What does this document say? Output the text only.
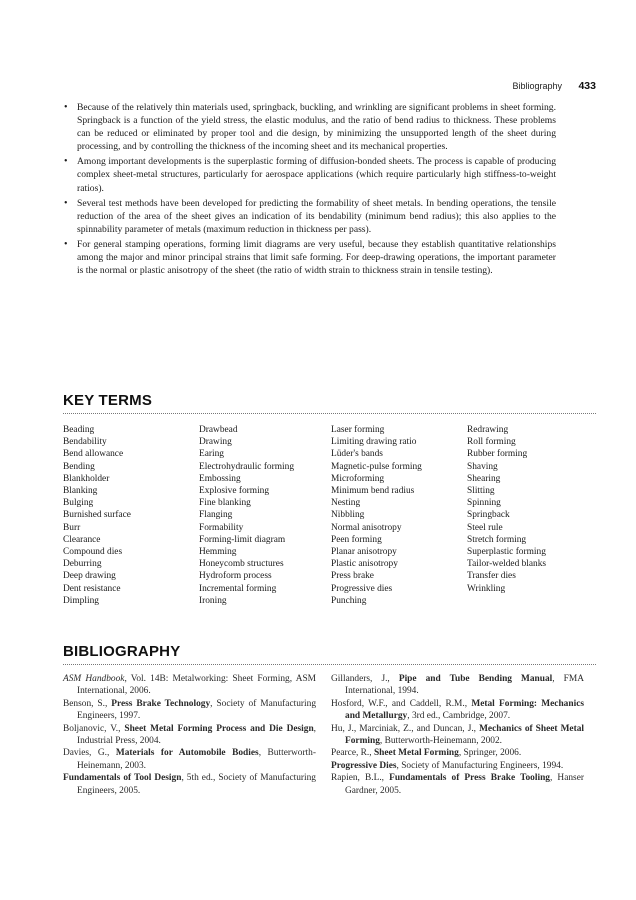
Bibliography 433
• Because of the relatively thin materials used, springback, buckling, and wrinkling are significant problems in sheet forming. Springback is a function of the yield stress, the elastic modulus, and the ratio of bend radius to thickness. These problems can be reduced or eliminated by proper tool and die design, by minimizing the unsupported length of the sheet during processing, and by controlling the thickness of the incoming sheet and its mechanical properties.
• Among important developments is the superplastic forming of diffusion-bonded sheets. The process is capable of producing complex sheet-metal structures, particularly for aerospace applications (which require particularly high stiffness-to-weight ratios).
• Several test methods have been developed for predicting the formability of sheet metals. In bending operations, the tensile reduction of the area of the sheet gives an indication of its bendability (minimum bend radius); this also applies to the spinnability parameter of metals (maximum reduction in thickness per pass).
• For general stamping operations, forming limit diagrams are very useful, because they establish quantitative relationships among the major and minor principal strains that limit safe forming. For deep-drawing operations, the important parameter is the normal or plastic anisotropy of the sheet (the ratio of width strain to thickness strain in tensile testing).
KEY TERMS
Beading
Bendability
Bend allowance
Bending
Blankholder
Blanking
Bulging
Burnished surface
Burr
Clearance
Compound dies
Deburring
Deep drawing
Dent resistance
Dimpling
Drawbead
Drawing
Earing
Electrohydraulic forming
Embossing
Explosive forming
Fine blanking
Flanging
Formability
Forming-limit diagram
Hemming
Honeycomb structures
Hydroform process
Incremental forming
Ironing
Laser forming
Limiting drawing ratio
Lüder's bands
Magnetic-pulse forming
Microforming
Minimum bend radius
Nesting
Nibbling
Normal anisotropy
Peen forming
Planar anisotropy
Plastic anisotropy
Press brake
Progressive dies
Punching
Redrawing
Roll forming
Rubber forming
Shaving
Shearing
Slitting
Spinning
Springback
Steel rule
Stretch forming
Superplastic forming
Tailor-welded blanks
Transfer dies
Wrinkling
BIBLIOGRAPHY
ASM Handbook, Vol. 14B: Metalworking: Sheet Forming, ASM International, 2006.
Benson, S., Press Brake Technology, Society of Manufacturing Engineers, 1997.
Boljanovic, V., Sheet Metal Forming Process and Die Design, Industrial Press, 2004.
Davies, G., Materials for Automobile Bodies, Butterworth-Heinemann, 2003.
Fundamentals of Tool Design, 5th ed., Society of Manufacturing Engineers, 2005.
Gillanders, J., Pipe and Tube Bending Manual, FMA International, 1994.
Hosford, W.F., and Caddell, R.M., Metal Forming: Mechanics and Metallurgy, 3rd ed., Cambridge, 2007.
Hu, J., Marciniak, Z., and Duncan, J., Mechanics of Sheet Metal Forming, Butterworth-Heinemann, 2002.
Pearce, R., Sheet Metal Forming, Springer, 2006.
Progressive Dies, Society of Manufacturing Engineers, 1994.
Rapien, B.L., Fundamentals of Press Brake Tooling, Hanser Gardner, 2005.
